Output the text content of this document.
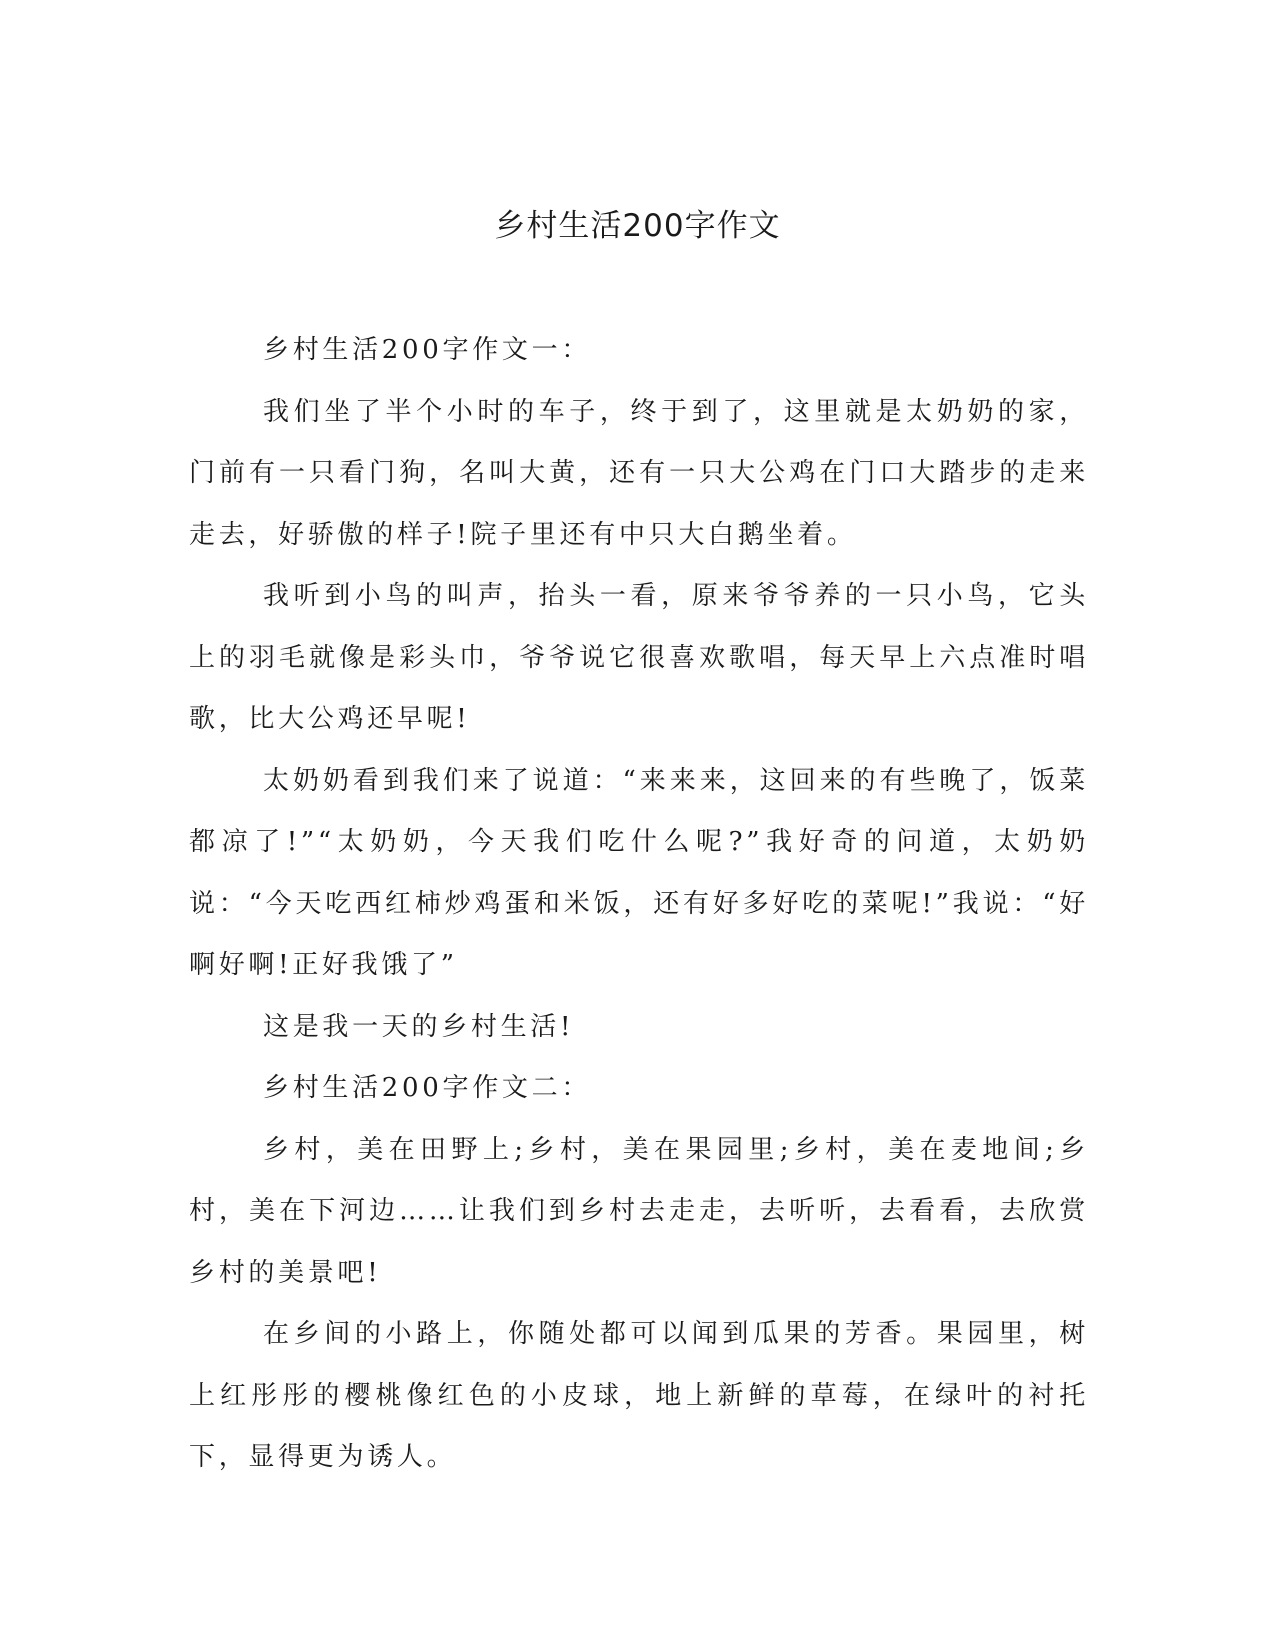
乡村生活200字作文

乡村生活200字作文一：

我们坐了半个小时的车子，终于到了，这里就是太奶奶的家，门前有一只看门狗，名叫大黄，还有一只大公鸡在门口大踏步的走来走去，好骄傲的样子!院子里还有中只大白鹅坐着。

我听到小鸟的叫声，抬头一看，原来爷爷养的一只小鸟，它头上的羽毛就像是彩头巾，爷爷说它很喜欢歌唱，每天早上六点准时唱歌，比大公鸡还早呢!

太奶奶看到我们来了说道：“来来来，这回来的有些晚了，饭菜都凉了!”“太奶奶，今天我们吃什么呢?”我好奇的问道，太奶奶说：“今天吃西红柿炒鸡蛋和米饭，还有好多好吃的菜呢!”我说：“好啊好啊!正好我饿了”

这是我一天的乡村生活!

乡村生活200字作文二：

乡村，美在田野上;乡村，美在果园里;乡村，美在麦地间;乡村，美在下河边……让我们到乡村去走走，去听听，去看看，去欣赏乡村的美景吧!

在乡间的小路上，你随处都可以闻到瓜果的芳香。果园里，树上红彤彤的樱桃像红色的小皮球，地上新鲜的草莓，在绿叶的衬托下，显得更为诱人。
